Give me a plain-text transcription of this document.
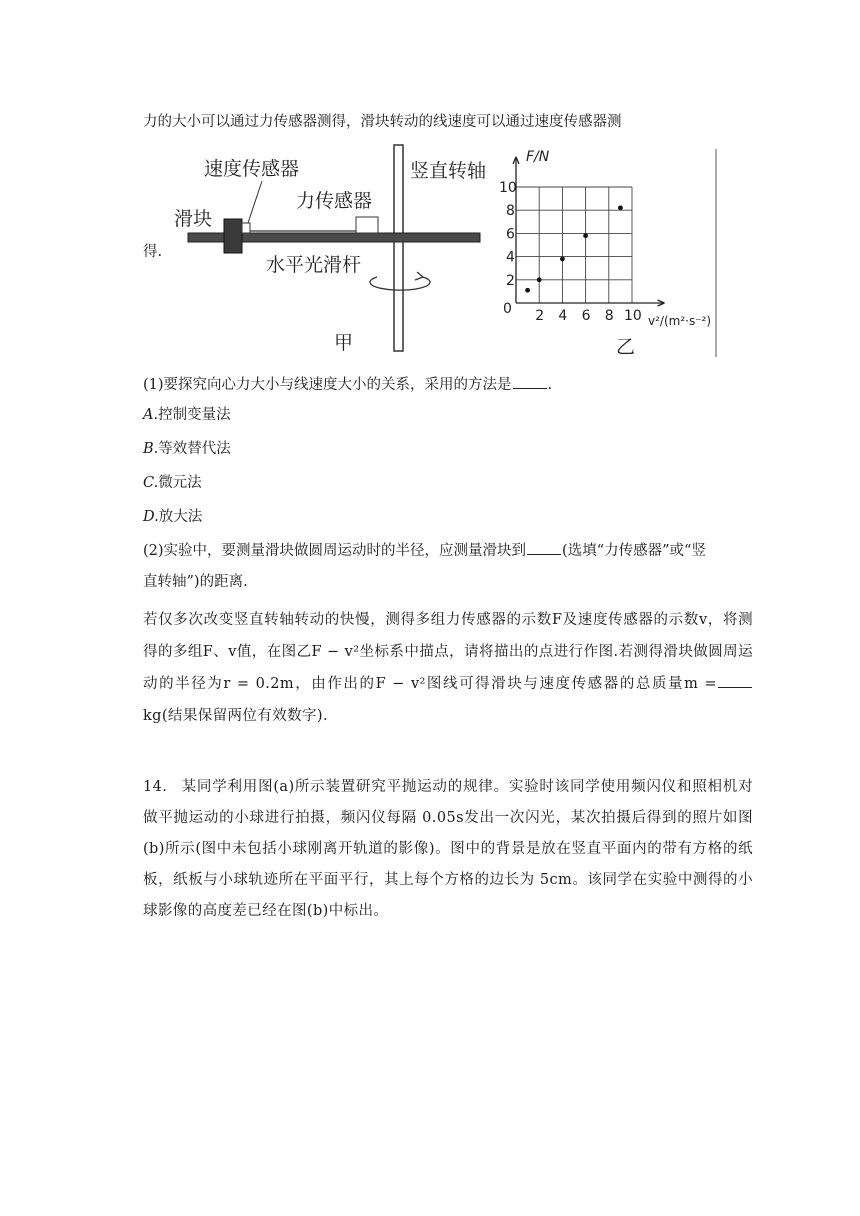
力的大小可以通过力传感器测得，滑块转动的线速度可以通过速度传感器测
得.
速度传感器
力传感器
滑块
竖直转轴
水平光滑杆
甲
2 4 6 8 10
2
4
6
8
10
F/N
v²/(m²·s⁻²)
0
乙
(1)要探究向心力大小与线速度大小的关系，采用的方法是 .
A.控制变量法
B.等效替代法
C.微元法
D.放大法
(2)实验中，要测量滑块做圆周运动时的半径，应测量滑块到 (选填“力传感器”或“竖
直转轴”)的距离.
若仅多次改变竖直转轴转动的快慢，测得多组力传感器的示数F及速度传感器的示数v，将测得的多组F、v值，在图乙F − v²坐标系中描点，请将描出的点进行作图.若测得滑块做圆周运动的半径为r = 0.2m，由作出的F − v²图线可得滑块与速度传感器的总质量m =kg(结果保留两位有效数字).
14. 某同学利用图(a)所示装置研究平抛运动的规律。实验时该同学使用频闪仪和照相机对做平抛运动的小球进行拍摄，频闪仪每隔 0.05s发出一次闪光，某次拍摄后得到的照片如图(b)所示(图中未包括小球刚离开轨道的影像)。图中的背景是放在竖直平面内的带有方格的纸板，纸板与小球轨迹所在平面平行，其上每个方格的边长为 5cm。该同学在实验中测得的小球影像的高度差已经在图(b)中标出。
